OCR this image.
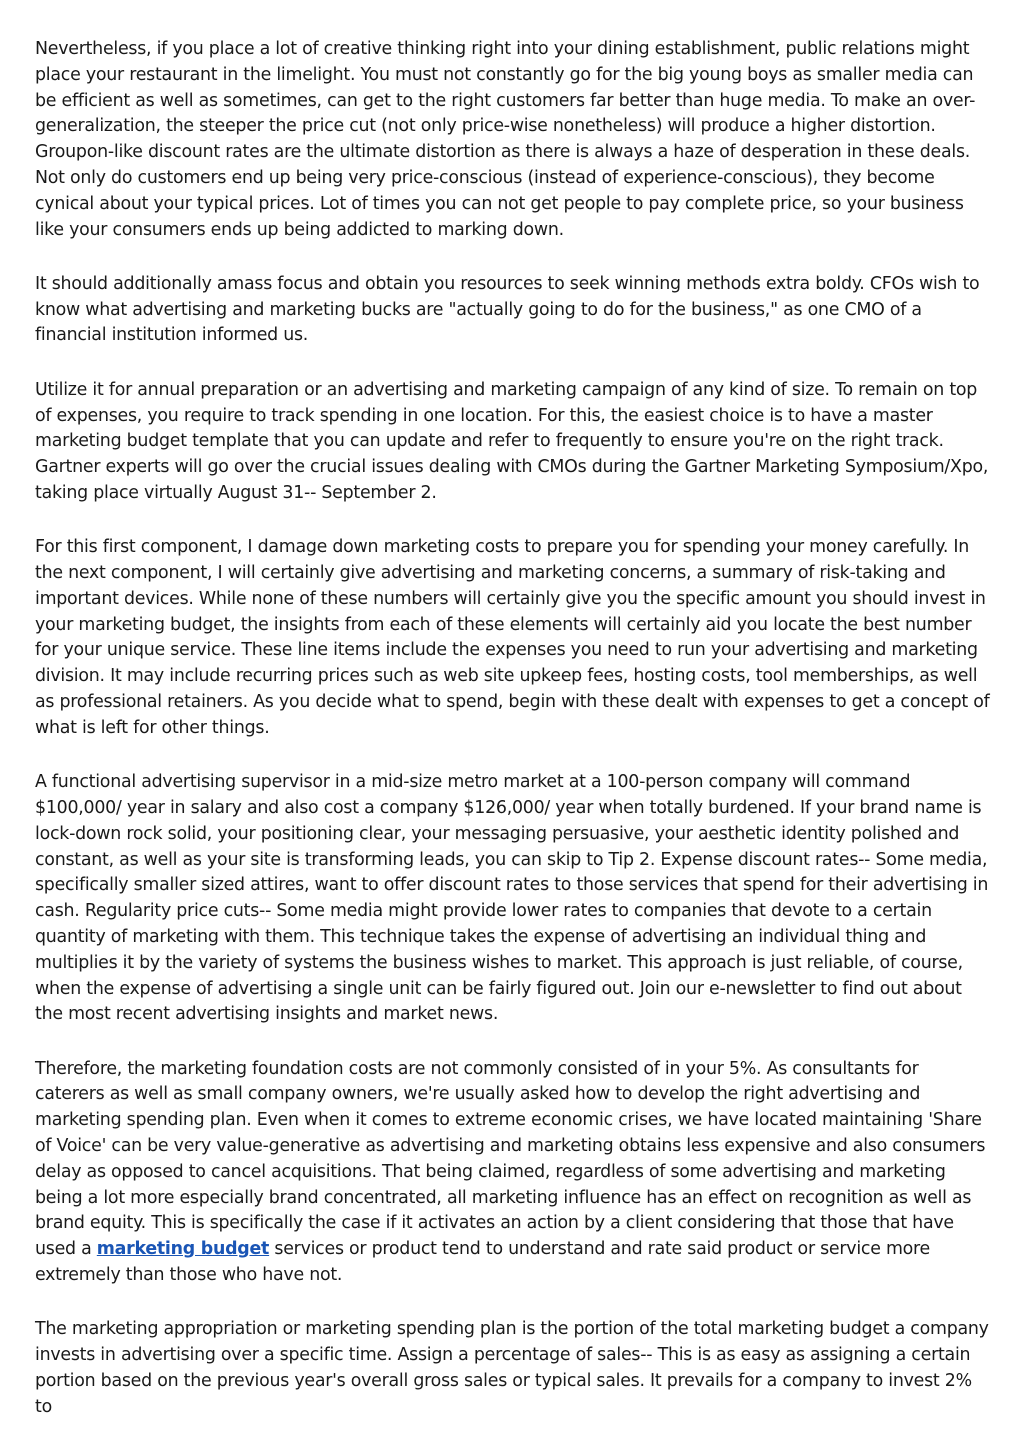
Nevertheless, if you place a lot of creative thinking right into your dining establishment, public relations might place your restaurant in the limelight. You must not constantly go for the big young boys as smaller media can be efficient as well as sometimes, can get to the right customers far better than huge media. To make an over-generalization, the steeper the price cut (not only price-wise nonetheless) will produce a higher distortion. Groupon-like discount rates are the ultimate distortion as there is always a haze of desperation in these deals. Not only do customers end up being very price-conscious (instead of experience-conscious), they become cynical about your typical prices. Lot of times you can not get people to pay complete price, so your business like your consumers ends up being addicted to marking down.

It should additionally amass focus and obtain you resources to seek winning methods extra boldy. CFOs wish to know what advertising and marketing bucks are "actually going to do for the business," as one CMO of a financial institution informed us.

Utilize it for annual preparation or an advertising and marketing campaign of any kind of size. To remain on top of expenses, you require to track spending in one location. For this, the easiest choice is to have a master marketing budget template that you can update and refer to frequently to ensure you're on the right track. Gartner experts will go over the crucial issues dealing with CMOs during the Gartner Marketing Symposium/Xpo, taking place virtually August 31-- September 2.

For this first component, I damage down marketing costs to prepare you for spending your money carefully. In the next component, I will certainly give advertising and marketing concerns, a summary of risk-taking and important devices. While none of these numbers will certainly give you the specific amount you should invest in your marketing budget, the insights from each of these elements will certainly aid you locate the best number for your unique service. These line items include the expenses you need to run your advertising and marketing division. It may include recurring prices such as web site upkeep fees, hosting costs, tool memberships, as well as professional retainers. As you decide what to spend, begin with these dealt with expenses to get a concept of what is left for other things.

A functional advertising supervisor in a mid-size metro market at a 100-person company will command $100,000/ year in salary and also cost a company $126,000/ year when totally burdened. If your brand name is lock-down rock solid, your positioning clear, your messaging persuasive, your aesthetic identity polished and constant, as well as your site is transforming leads, you can skip to Tip 2. Expense discount rates-- Some media, specifically smaller sized attires, want to offer discount rates to those services that spend for their advertising in cash. Regularity price cuts-- Some media might provide lower rates to companies that devote to a certain quantity of marketing with them. This technique takes the expense of advertising an individual thing and multiplies it by the variety of systems the business wishes to market. This approach is just reliable, of course, when the expense of advertising a single unit can be fairly figured out. Join our e-newsletter to find out about the most recent advertising insights and market news.

Therefore, the marketing foundation costs are not commonly consisted of in your 5%. As consultants for caterers as well as small company owners, we're usually asked how to develop the right advertising and marketing spending plan. Even when it comes to extreme economic crises, we have located maintaining 'Share of Voice' can be very value-generative as advertising and marketing obtains less expensive and also consumers delay as opposed to cancel acquisitions. That being claimed, regardless of some advertising and marketing being a lot more especially brand concentrated, all marketing influence has an effect on recognition as well as brand equity. This is specifically the case if it activates an action by a client considering that those that have used a marketing budget services or product tend to understand and rate said product or service more extremely than those who have not.

The marketing appropriation or marketing spending plan is the portion of the total marketing budget a company invests in advertising over a specific time. Assign a percentage of sales-- This is as easy as assigning a certain portion based on the previous year's overall gross sales or typical sales. It prevails for a company to invest 2% to
